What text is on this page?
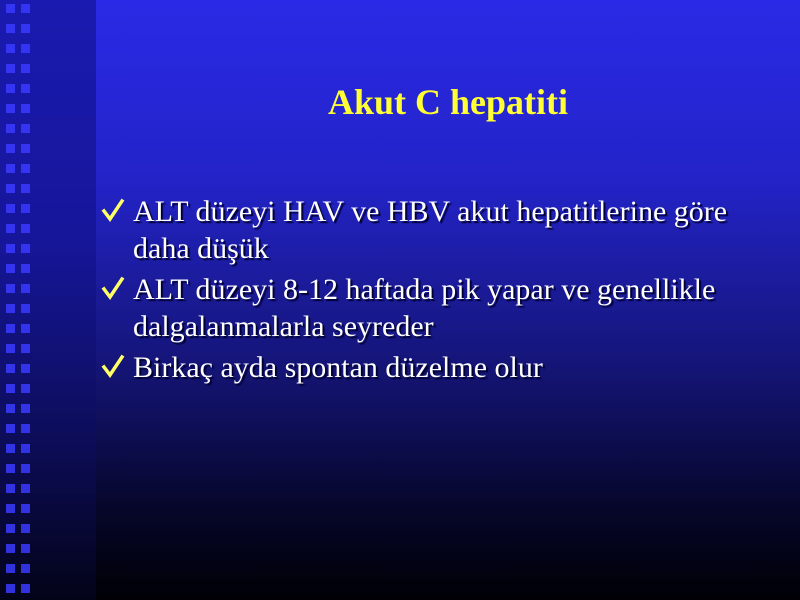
Akut C hepatiti
ALT düzeyi HAV ve HBV akut hepatitlerine göre daha düşük
ALT düzeyi 8-12 haftada pik yapar ve genellikle dalgalanmalarla seyreder
Birkaç ayda spontan düzelme olur
